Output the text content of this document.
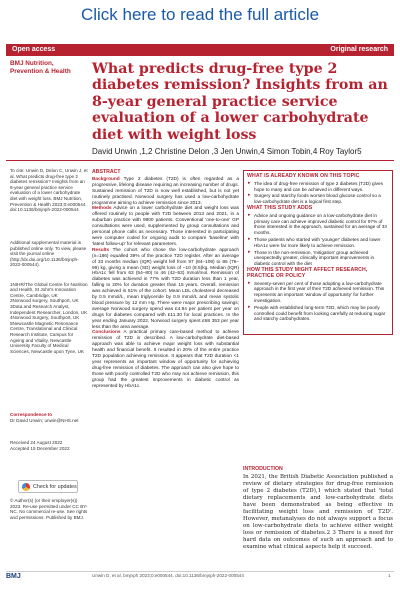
Click here to read the full article
Open access	Original research
BMJ Nutrition,
Prevention & Health	What predicts drug-free type 2 diabetes remission? Insights from an 8-year general practice service evaluation of a lower carbohydrate diet with weight loss
David Unwin ,1,2 Christine Delon ,3 Jen Unwin,4 Simon Tobin,4 Roy Taylor5
To cite: Unwin D, Delon C, Unwin J, et al. What predicts drug-free type 2 diabetes remission? Insights from an 8-year general practice service evaluation of a lower carbohydrate diet with weight loss. BMJ Nutrition, Prevention & Health 2023;0:e000544. doi:10.1136/bmjnph-2022-000544
Additional supplemental material is published online only. To view, please visit the journal online (http://dx.doi.org/10.1136/bmjnph-2022-000544).

1NIHR/The Global Centre for Nutrition and Health, St John's Innovation Centre, Cambridge, UK
2Norwood surgery, Southport, UK
3Data and Research Analyst, Independent Researcher, London, UK
4Norwood Surgery, Southport, UK
5Newcastle Magnetic Resonance Centre, Translational and Clinical Research Institute, Campus for Ageing and Vitality, Newcastle University Faculty of Medical Sciences, Newcastle upon Tyne, UK

Correspondence to
Dr David Unwin; unwin@NHS.net
Received 24 August 2022
Accepted 15 December 2022
Check for updates
© Author(s) (or their employer(s)) 2023. Re-use permitted under CC BY-NC. No commercial re-use. See rights and permissions. Published by BMJ.
ABSTRACT
Background Type 2 diabetes (T2D) is often regarded as a progressive, lifelong disease requiring an increasing number of drugs. Sustained remission of T2D is now well established, but is not yet routinely practised. Norwood surgery has used a low-carbohydrate programme aiming to achieve remission since 2013.
Methods Advice on a lower carbohydrate diet and weight loss was offered routinely to people with T2D between 2013 and 2021, in a suburban practice with 9800 patients. Conventional 'one-to-one' GP consultations were used, supplemented by group consultations and personal phone calls as necessary. Those interested in participating were computer coded for ongoing audit to compare 'baseline' with 'latest follow-up' for relevant parameters.
Results The cohort who chose the low-carbohydrate approach (n=186) equalled 39% of the practice T2D register. After an average of 33 months median (IQR) weight fell from 97 (84–109) to 86 (76–99) kg, giving a mean (SD) weight loss of −10 (8.5)kg. Median (IQR) HbA1c fell from 63 (54–80) to 46 (42–53) mmol/mol. Remission of diabetes was achieved in 77% with T2D duration less than 1 year, falling to 20% for duration greater than 15 years. Overall, remission was achieved in 51% of the cohort. Mean LDL cholesterol decreased by 0.5 mmol/L, mean triglyceride by 0.9 mmol/L and mean systolic blood pressure by 12 mm Hg. There were major prescribing savings; average Norwood surgery spend was £4.94 per patient per year on drugs for diabetes compared with £11.30 for local practices. In the year ending January 2022, Norwood surgery spent £68 353 per year less than the area average.
Conclusions A practical primary care-based method to achieve remission of T2D is described. A low-carbohydrate diet-based approach was able to achieve major weight loss with substantial health and financial benefit. It resulted in 20% of the entire practice T2D population achieving remission. It appears that T2D duration <1 year represents an important window of opportunity for achieving drug-free remission of diabetes. The approach can also give hope to those with poorly controlled T2D who may not achieve remission, this group had the greatest improvements in diabetic control as represented by HbA1c.
WHAT IS ALREADY KNOWN ON THIS TOPIC
▸ The idea of drug-free remission of type 2 diabetes (T2D) gives hope to many and can be achieved in different ways.
▸ Surgery and starchy foods worsen blood glucose control so a low-carbohydrate diet is a logical first step.
WHAT THIS STUDY ADDS
▸ Advice and ongoing guidance on a low-carbohydrate diet in primary care can achieve improved diabetic control for 97% of those interested in the approach, sustained for an average of 33 months.
▸ Those patients who started with 'younger' diabetes and lower HbA1c were far more likely to achieve remission.
▸ Those in the non-remission, 'mitigation' group achieved unexpectedly greater, clinically important improvements in diabetic control with the diet
HOW THIS STUDY MIGHT AFFECT RESEARCH, PRACTICE OR POLICY
▸ Seventy-seven per cent of those adopting a low-carbohydrate approach in the first year of their T2D achieved remission. This represents an important 'window of opportunity' for further investigation.
▸ People with established long-term T2D, which may be poorly controlled could benefit from looking carefully at reducing sugar and starchy carbohydrates.
INTRODUCTION

In 2021, the British Diabetic Association published a review of dietary strategies for drug-free remission of type 2 diabetes (T2D),1 which stated that 'total dietary replacements and low-carbohydrate diets have been demonstrated as being effective in facilitating weight loss and remission of T2D'. However, metanalyses do not always support a focus on low-carbohydrate diets to achieve either weight loss or remission of diabetes.2 3 There is a need for hard data on outcomes of such an approach and to examine what clinical aspects help it succeed.

BMJ	Unwin D, et al. bmjnph 2023;0:e000544. doi:10.1136/bmjnph-2022-000544	1
